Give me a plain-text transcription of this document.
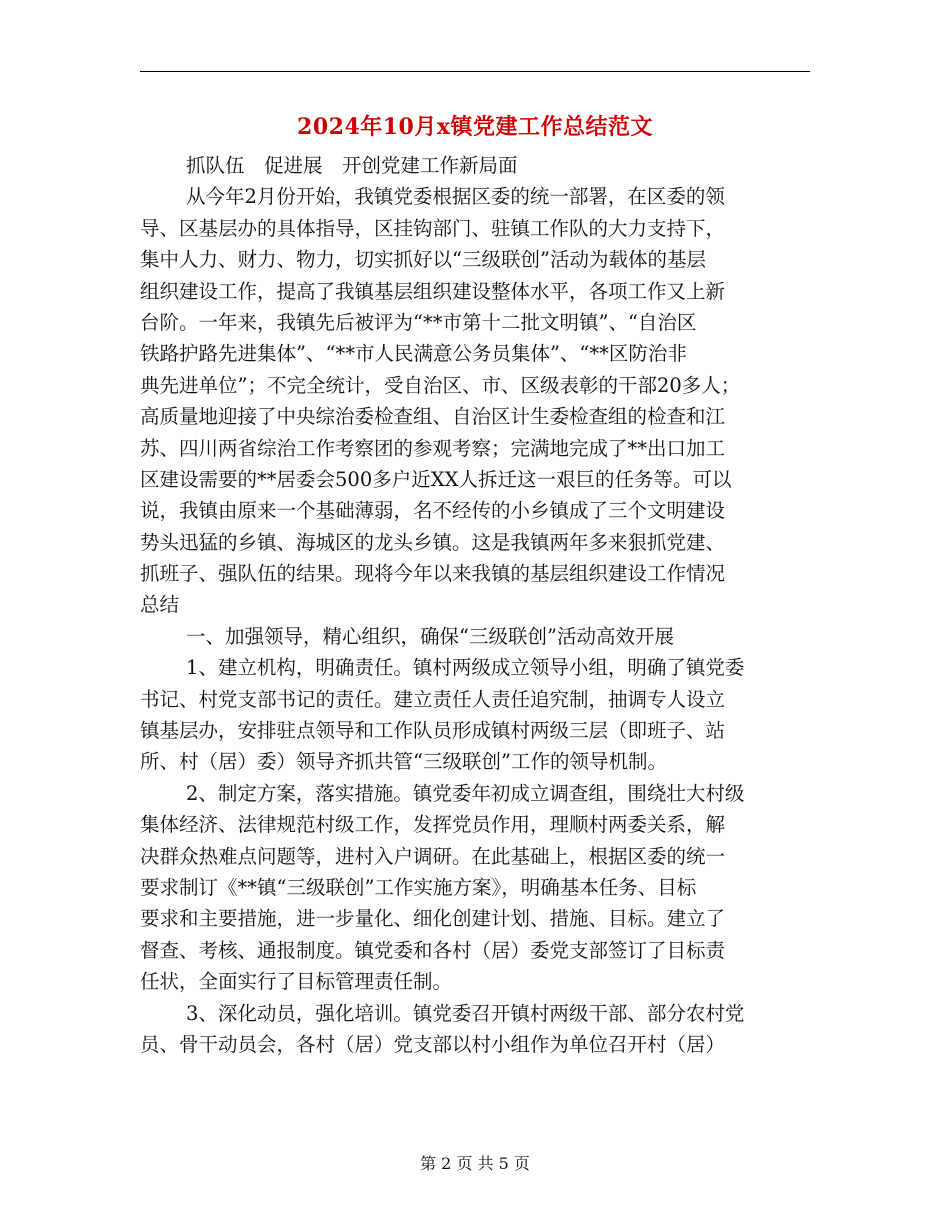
2024年10月x镇党建工作总结范文
抓队伍　促进展　开创党建工作新局面
从今年2月份开始，我镇党委根据区委的统一部署，在区委的领
导、区基层办的具体指导，区挂钩部门、驻镇工作队的大力支持下，
集中人力、财力、物力，切实抓好以“三级联创”活动为载体的基层
组织建设工作，提高了我镇基层组织建设整体水平，各项工作又上新
台阶。一年来，我镇先后被评为“**市第十二批文明镇”、“自治区
铁路护路先进集体”、“**市人民满意公务员集体”、“**区防治非
典先进单位”；不完全统计，受自治区、市、区级表彰的干部20多人；
高质量地迎接了中央综治委检查组、自治区计生委检查组的检查和江
苏、四川两省综治工作考察团的参观考察；完满地完成了**出口加工
区建设需要的**居委会500多户近XX人拆迁这一艰巨的任务等。可以
说，我镇由原来一个基础薄弱，名不经传的小乡镇成了三个文明建设
势头迅猛的乡镇、海城区的龙头乡镇。这是我镇两年多来狠抓党建、
抓班子、强队伍的结果。现将今年以来我镇的基层组织建设工作情况
总结
一、加强领导，精心组织，确保“三级联创”活动高效开展
1、建立机构，明确责任。镇村两级成立领导小组，明确了镇党委
书记、村党支部书记的责任。建立责任人责任追究制，抽调专人设立
镇基层办，安排驻点领导和工作队员形成镇村两级三层（即班子、站
所、村（居）委）领导齐抓共管“三级联创”工作的领导机制。
2、制定方案，落实措施。镇党委年初成立调查组，围绕壮大村级
集体经济、法律规范村级工作，发挥党员作用，理顺村两委关系，解
决群众热难点问题等，进村入户调研。在此基础上，根据区委的统一
要求制订《**镇“三级联创”工作实施方案》，明确基本任务、目标
要求和主要措施，进一步量化、细化创建计划、措施、目标。建立了
督查、考核、通报制度。镇党委和各村（居）委党支部签订了目标责
任状，全面实行了目标管理责任制。
3、深化动员，强化培训。镇党委召开镇村两级干部、部分农村党
员、骨干动员会，各村（居）党支部以村小组作为单位召开村（居）
第 2 页 共 5 页
